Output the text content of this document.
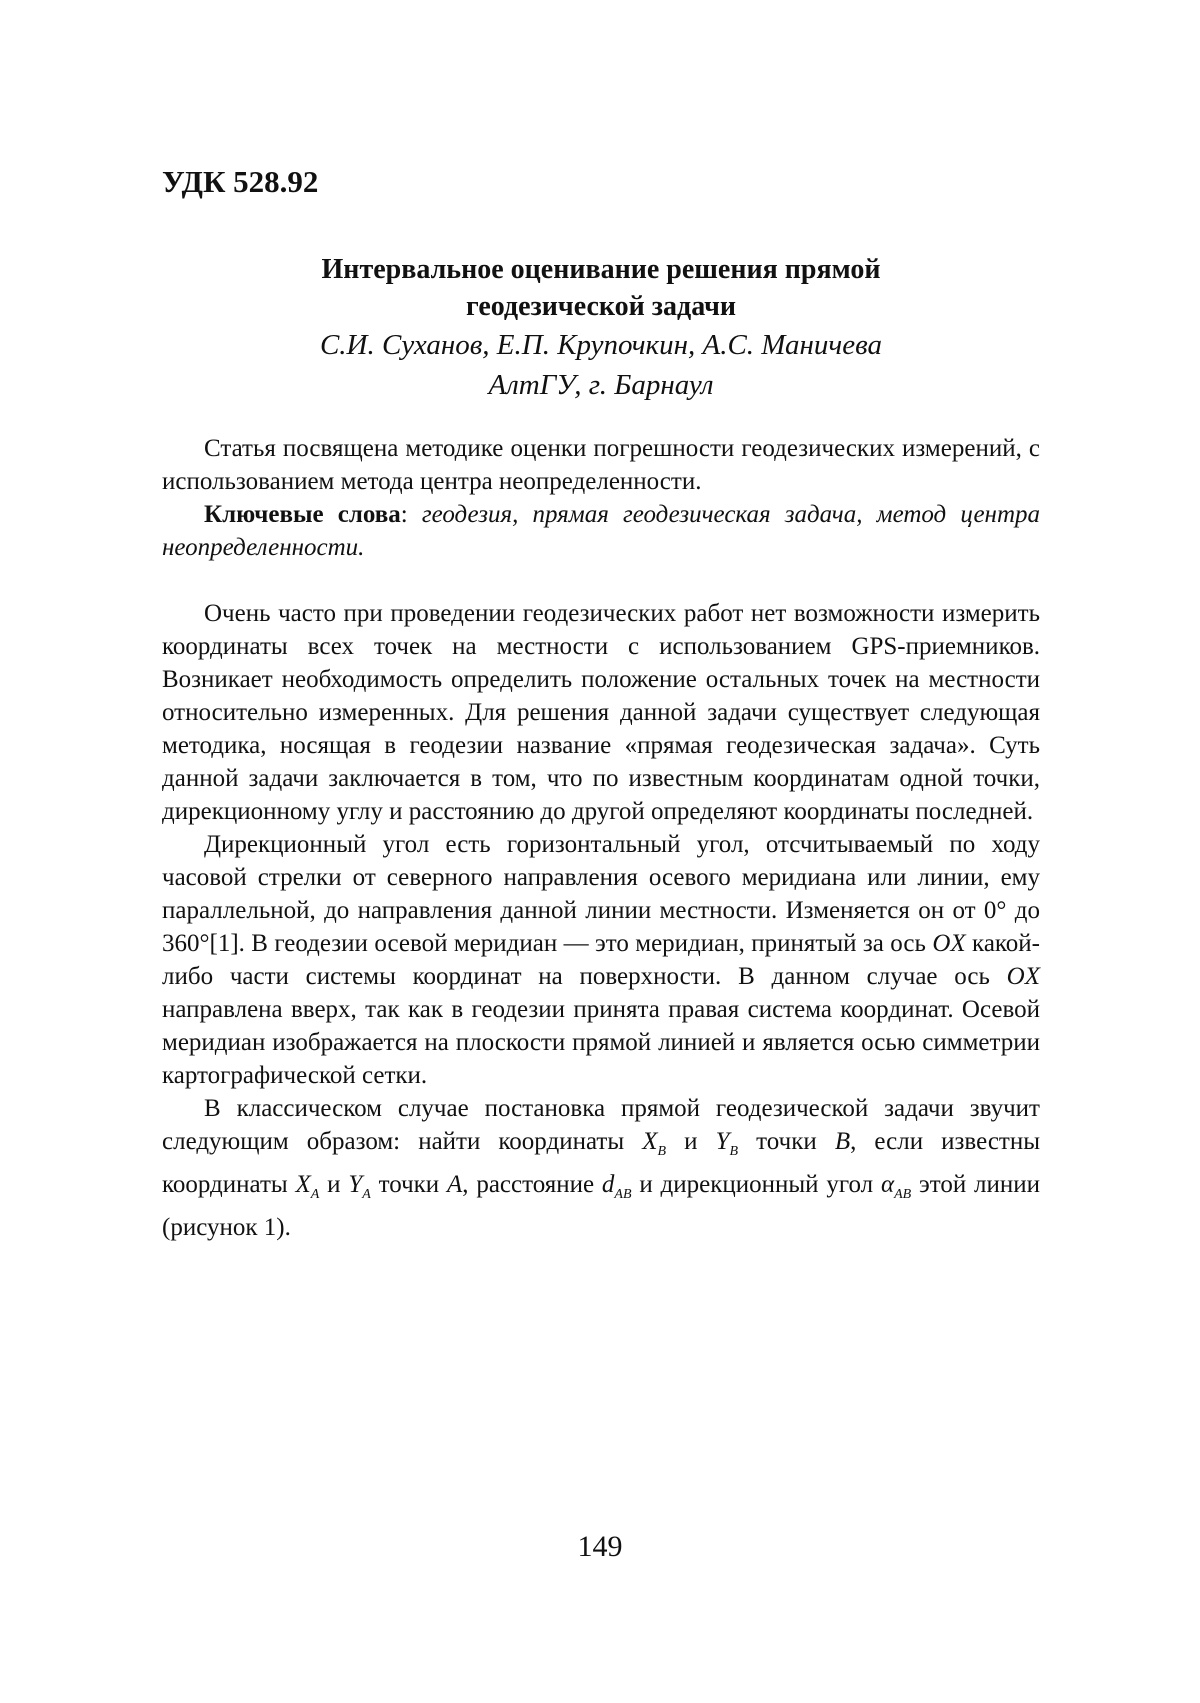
УДК 528.92
Интервальное оценивание решения прямой
геодезической задачи
С.И. Суханов, Е.П. Крупочкин, А.С. Маничева
АлтГУ, г. Барнаул
Статья посвящена методике оценки погрешности геодезических измерений, с использованием метода центра неопределенности.
Ключевые слова: геодезия, прямая геодезическая задача, метод центра неопределенности.
Очень часто при проведении геодезических работ нет возможности измерить координаты всех точек на местности с использованием GPS-приемников. Возникает необходимость определить положение остальных точек на местности относительно измеренных. Для решения данной задачи существует следующая методика, носящая в геодезии название «прямая геодезическая задача». Суть данной задачи заключается в том, что по известным координатам одной точки, дирекционному углу и расстоянию до другой определяют координаты последней.
Дирекционный угол есть горизонтальный угол, отсчитываемый по ходу часовой стрелки от северного направления осевого меридиана или линии, ему параллельной, до направления данной линии местности. Изменяется он от 0° до 360°[1]. В геодезии осевой меридиан — это меридиан, принятый за ось OX какой-либо части системы координат на поверхности. В данном случае ось OX направлена вверх, так как в геодезии принята правая система координат. Осевой меридиан изображается на плоскости прямой линией и является осью симметрии картографической сетки.
В классическом случае постановка прямой геодезической задачи звучит следующим образом: найти координаты XB и YB точки B, если известны координаты XA и YA точки A, расстояние dAB и дирекционный угол αAB этой линии (рисунок 1).
149
